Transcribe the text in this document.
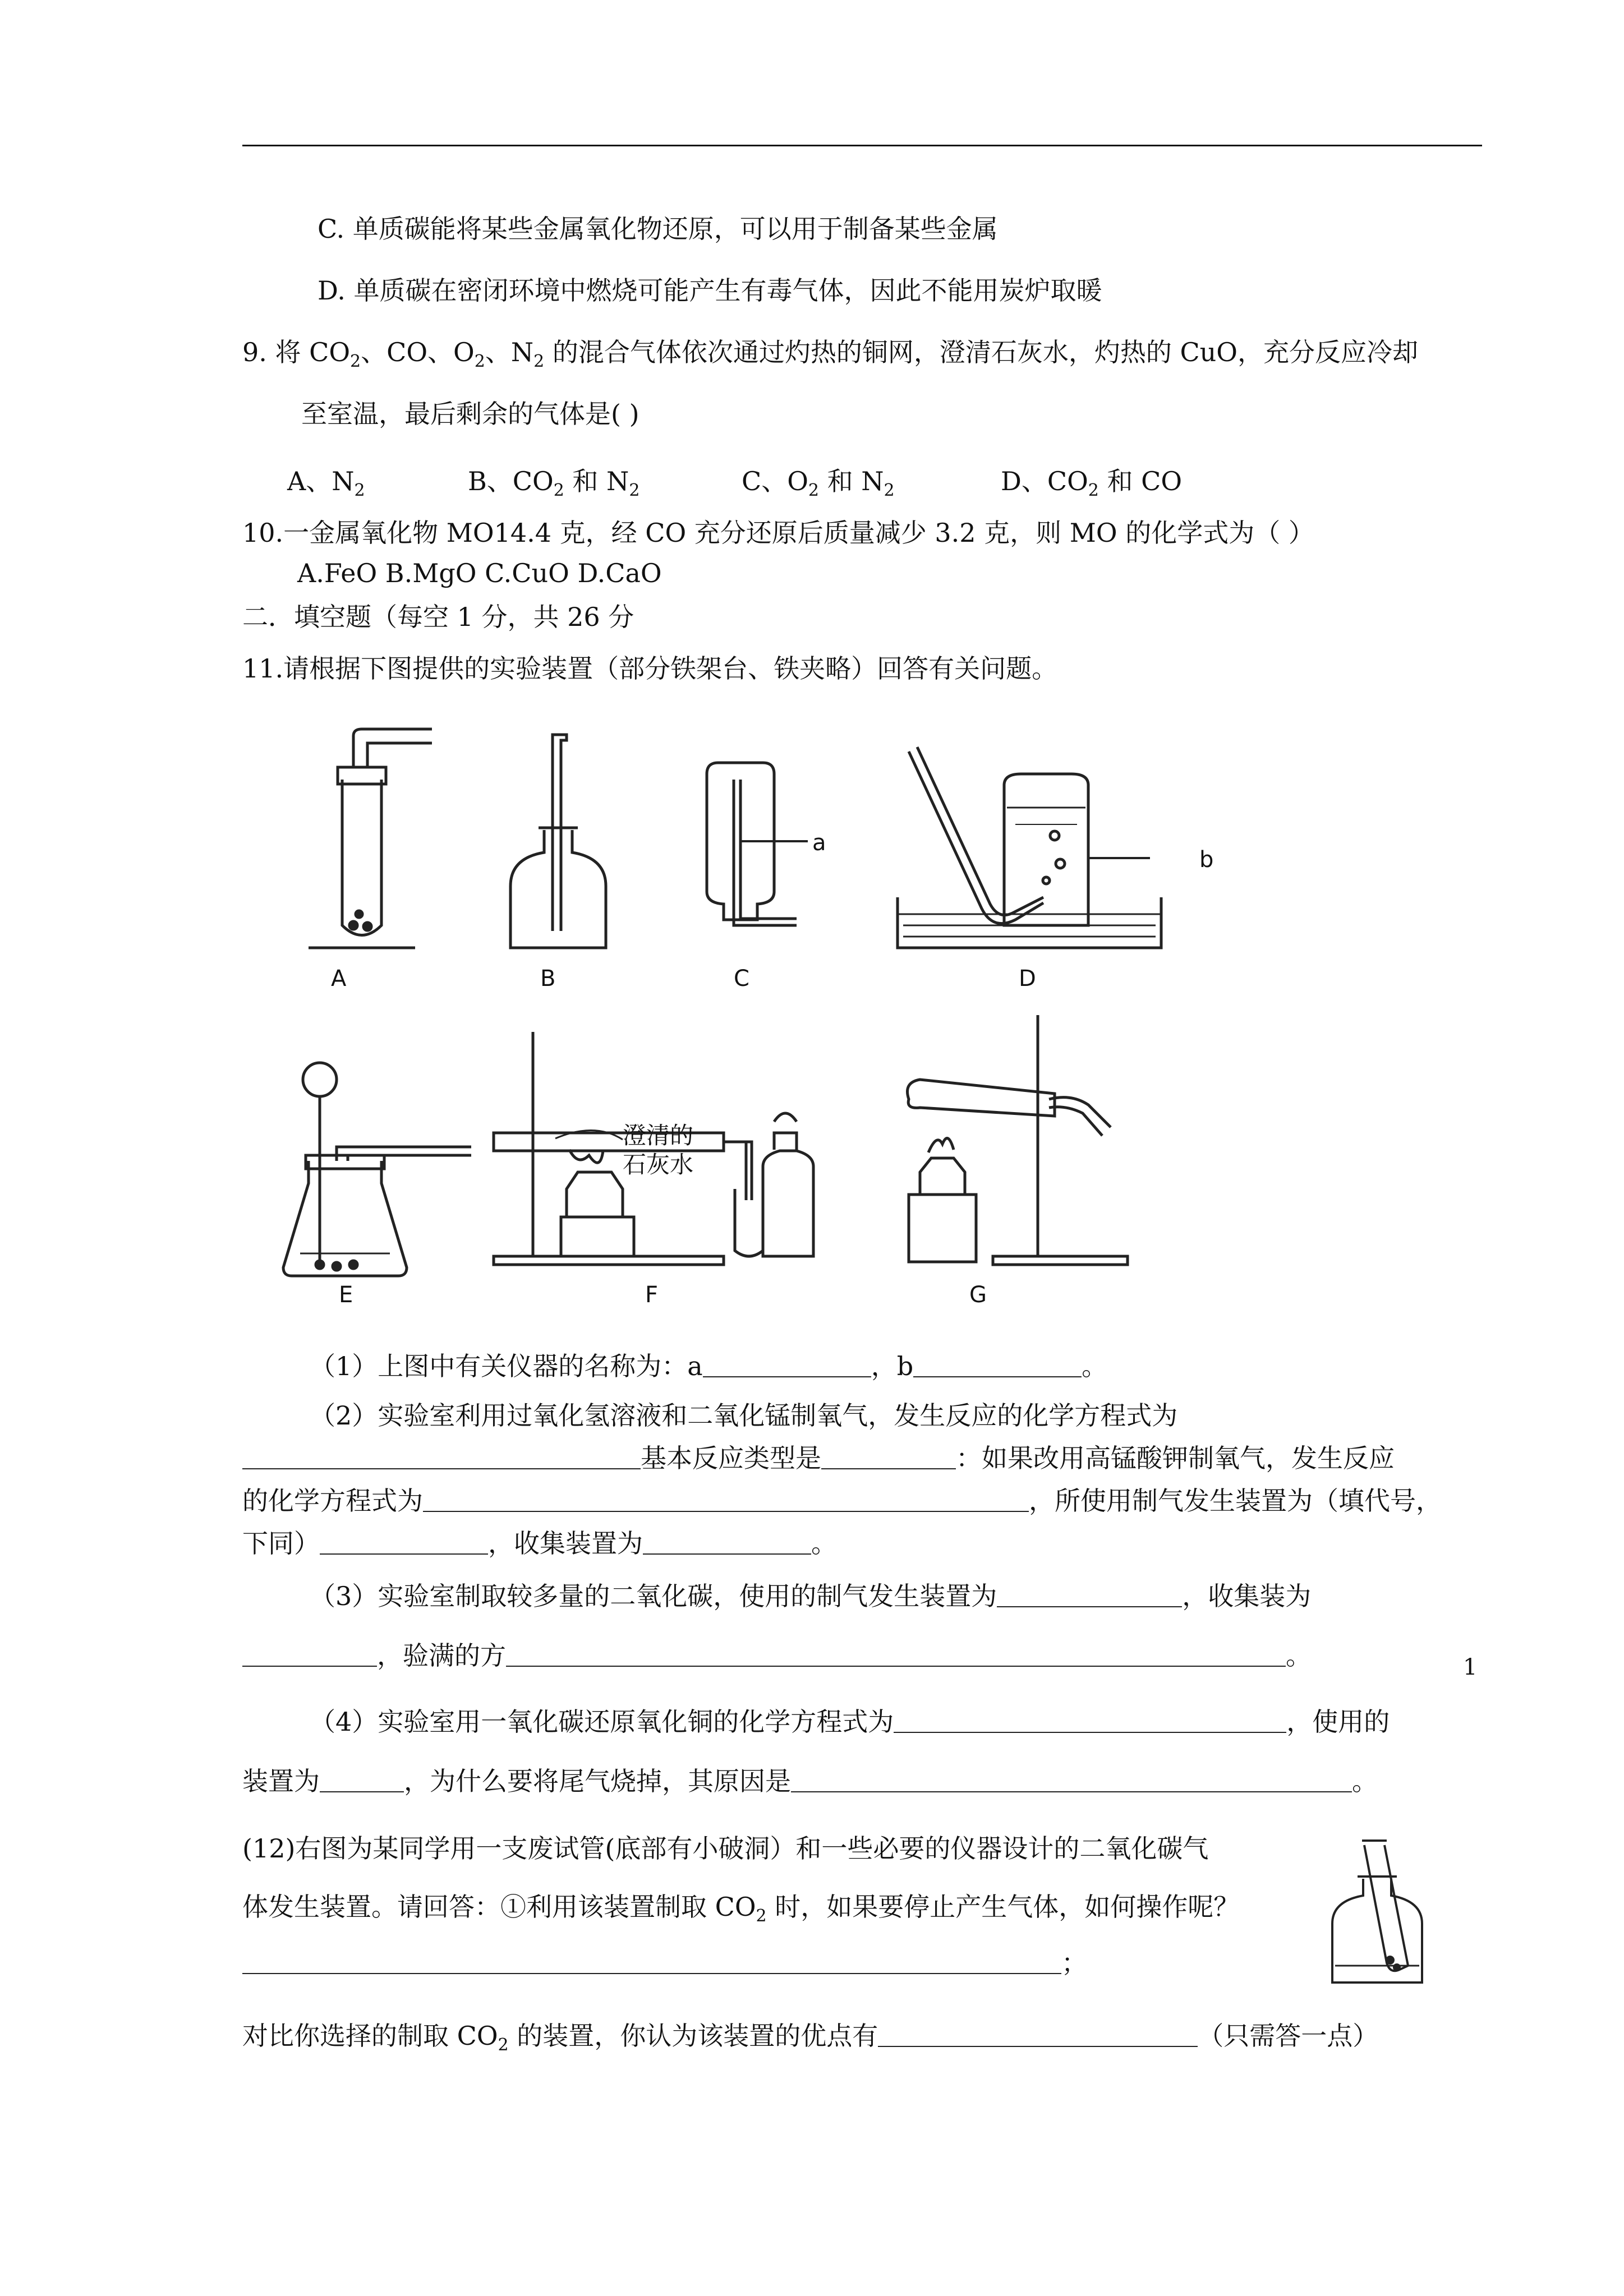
C. 单质碳能将某些金属氧化物还原，可以用于制备某些金属
D. 单质碳在密闭环境中燃烧可能产生有毒气体，因此不能用炭炉取暖
9. 将 $CO_2$、CO、$O_2$、$N_2$ 的混合气体依次通过灼热的铜网，澄清石灰水，灼热的 CuO，充分反应冷却
至室温，最后剩余的气体是( )
A、$N_2$	B、$CO_2$ 和 $N_2$	C、$O_2$ 和 $N_2$	D、$CO_2$ 和 CO
10.一金属氧化物 MO14.4 克，经 CO 充分还原后质量减少 3.2 克，则 MO 的化学式为（ ）
A.FeO B.MgO C.CuO D.CaO
二．填空题（每空 1 分，共 26 分
11.请根据下图提供的实验装置（部分铁架台、铁夹略）回答有关问题。
A	B
a
C
b
D
E
澄清的
石灰水
F	G
（1）上图中有关仪器的名称为：a	，b	。
（2）实验室利用过氧化氢溶液和二氧化锰制氧气，发生反应的化学方程式为
基本反应类型是	：如果改用高锰酸钾制氧气，发生反应
的化学方程式为	，所使用制气发生装置为（填代号，
下同）	，收集装置为	。
（3）实验室制取较多量的二氧化碳，使用的制气发生装置为	，收集装为
，验满的方	。
（4）实验室用一氧化碳还原氧化铜的化学方程式为	，使用的
装置为	，为什么要将尾气烧掉，其原因是	。
(12)右图为某同学用一支废试管(底部有小破洞）和一些必要的仪器设计的二氧化碳气
体发生装置。请回答：①利用该装置制取 $CO_2$ 时，如果要停止产生气体，如何操作呢？
；
对比你选择的制取 $CO_2$ 的装置，你认为该装置的优点有	（只需答一点）
1
